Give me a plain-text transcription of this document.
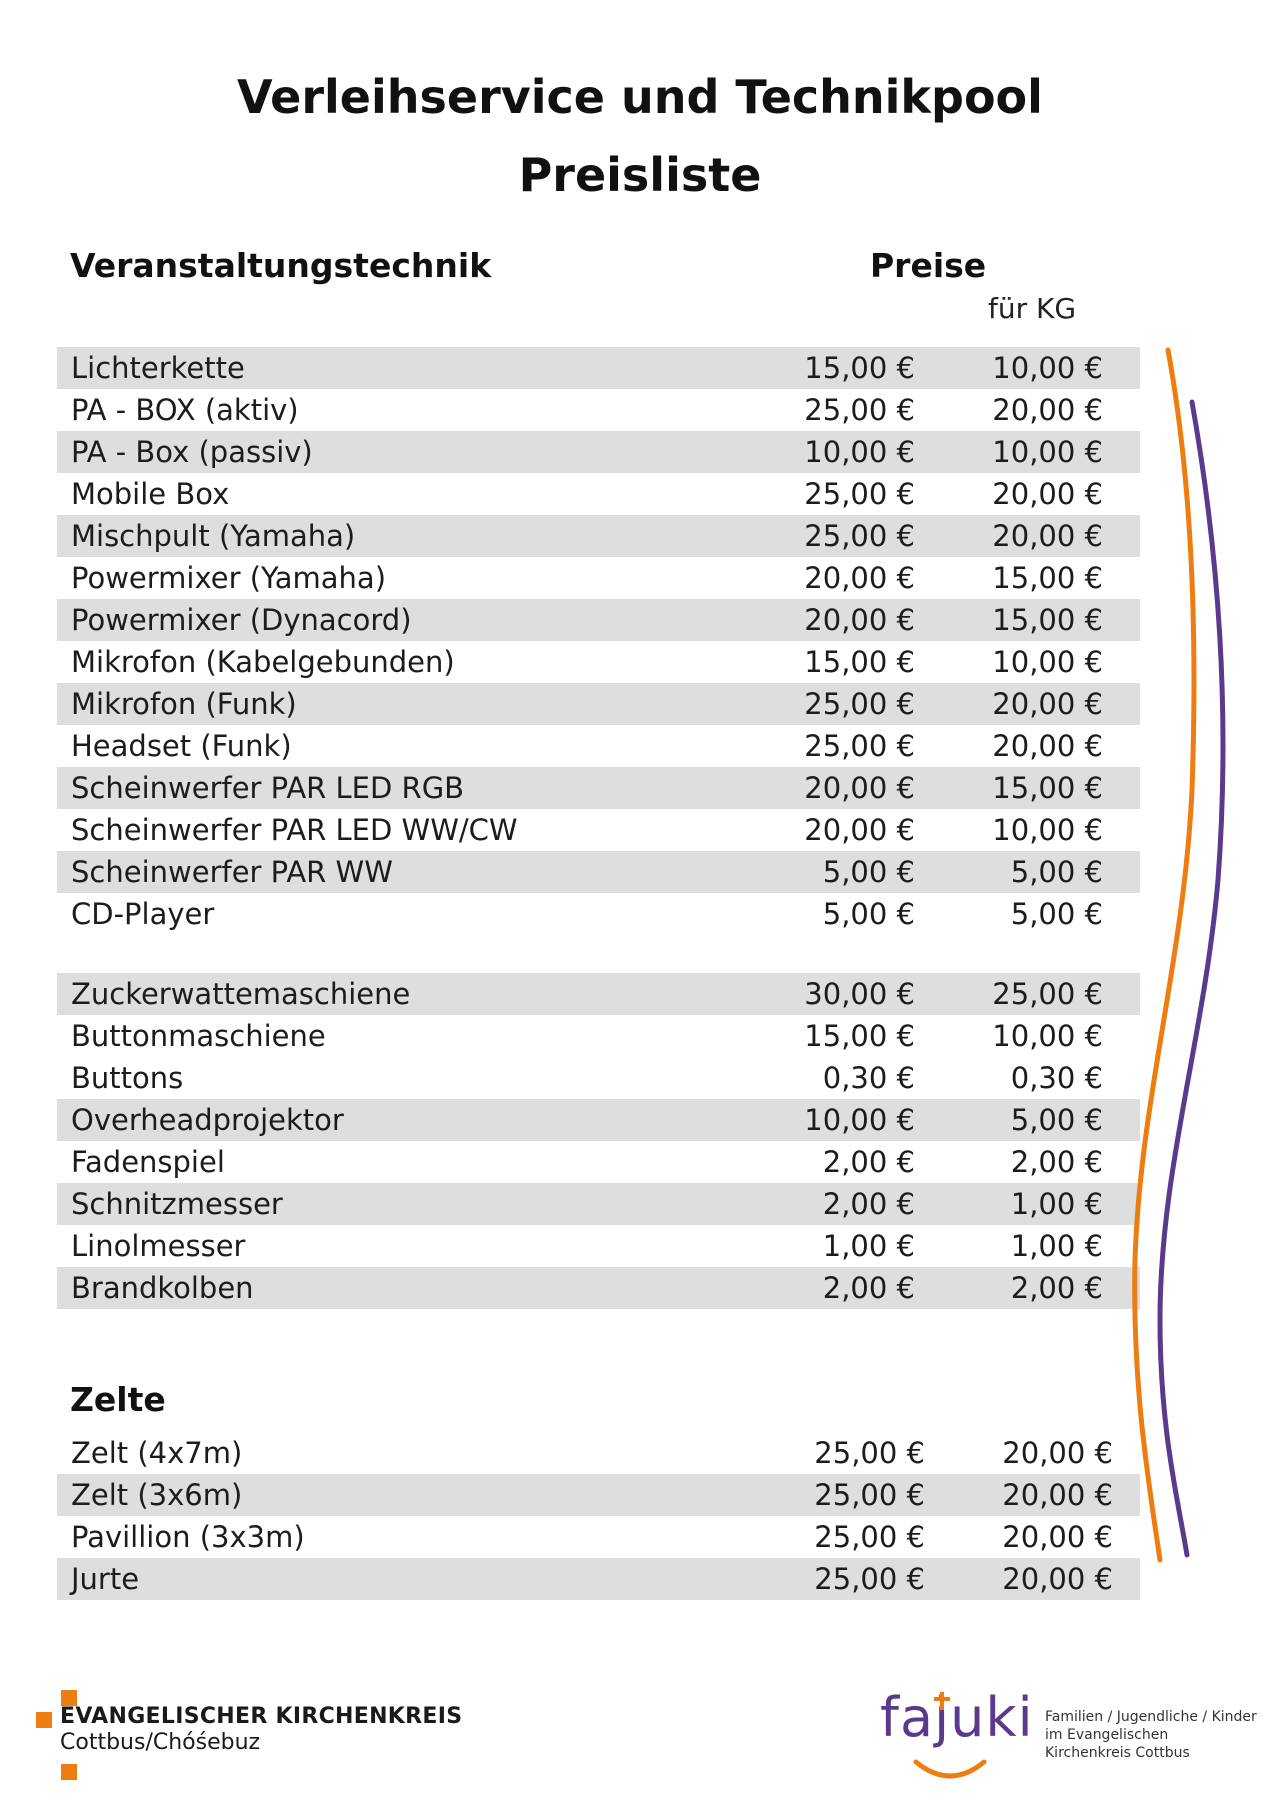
Verleihservice und Technikpool
Preisliste
Veranstaltungstechnik	Preise
für KG
Lichterkette	15,00 €	10,00 €
PA - BOX (aktiv)	25,00 €	20,00 €
PA - Box (passiv)	10,00 €	10,00 €
Mobile Box	25,00 €	20,00 €
Mischpult (Yamaha)	25,00 €	20,00 €
Powermixer (Yamaha)	20,00 €	15,00 €
Powermixer (Dynacord)	20,00 €	15,00 €
Mikrofon (Kabelgebunden)	15,00 €	10,00 €
Mikrofon (Funk)	25,00 €	20,00 €
Headset (Funk)	25,00 €	20,00 €
Scheinwerfer PAR LED RGB	20,00 €	15,00 €
Scheinwerfer PAR LED WW/CW	20,00 €	10,00 €
Scheinwerfer PAR WW	5,00 €	5,00 €
CD-Player	5,00 €	5,00 €
Zuckerwattemaschiene	30,00 €	25,00 €
Buttonmaschiene	15,00 €	10,00 €
Buttons	0,30 €	0,30 €
Overheadprojektor	10,00 €	5,00 €
Fadenspiel	2,00 €	2,00 €
Schnitzmesser	2,00 €	1,00 €
Linolmesser	1,00 €	1,00 €
Brandkolben	2,00 €	2,00 €
Zelte
Zelt (4x7m)	25,00 €	20,00 €
Zelt (3x6m)	25,00 €	20,00 €
Pavillion (3x3m)	25,00 €	20,00 €
Jurte	25,00 €	20,00 €
EVANGELISCHER KIRCHENKREIS
Cottbus/Chóśebuz	fajuki Familien / Jugendliche / Kinder
im Evangelischen
Kirchenkreis Cottbus
